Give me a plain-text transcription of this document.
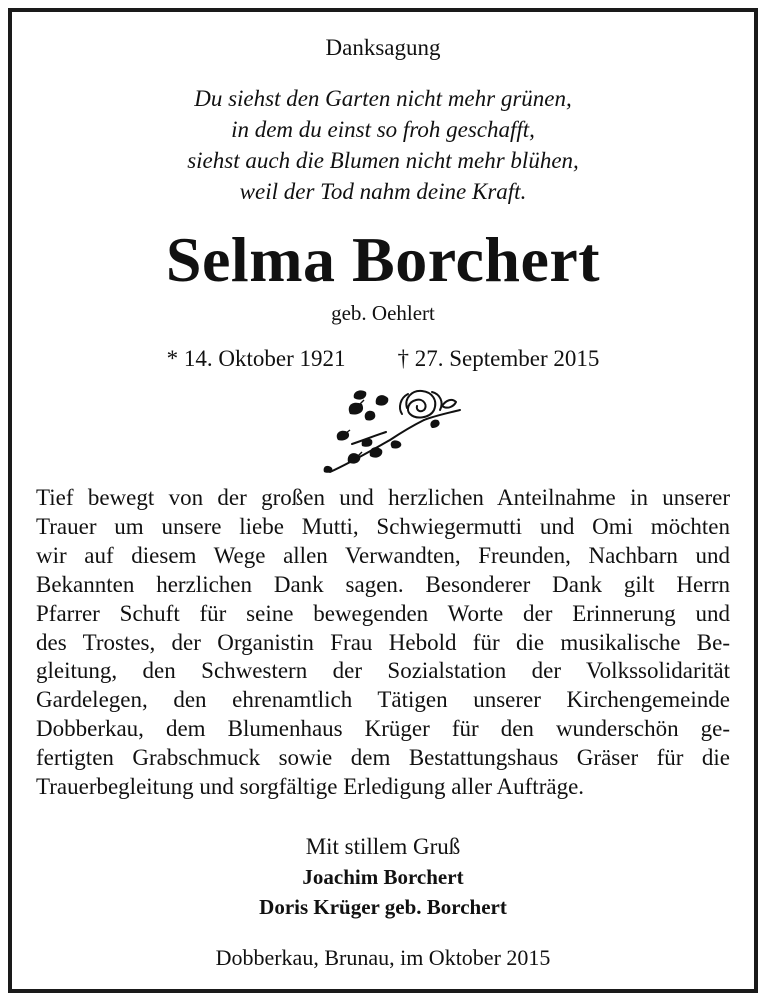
Danksagung
Du siehst den Garten nicht mehr grünen,
in dem du einst so froh geschafft,
siehst auch die Blumen nicht mehr blühen,
weil der Tod nahm deine Kraft.
Selma Borchert
geb. Oehlert
* 14. Oktober 1921 † 27. September 2015
Tief bewegt von der großen und herzlichen Anteilnahme in unserer
Trauer um unsere liebe Mutti, Schwiegermutti und Omi möchten
wir auf diesem Wege allen Verwandten, Freunden, Nachbarn und
Bekannten herzlichen Dank sagen. Besonderer Dank gilt Herrn
Pfarrer Schuft für seine bewegenden Worte der Erinnerung und
des Trostes, der Organistin Frau Hebold für die musikalische Be-
gleitung, den Schwestern der Sozialstation der Volkssolidarität
Gardelegen, den ehrenamtlich Tätigen unserer Kirchengemeinde
Dobberkau, dem Blumenhaus Krüger für den wunderschön ge-
fertigten Grabschmuck sowie dem Bestattungshaus Gräser für die
Trauerbegleitung und sorgfältige Erledigung aller Aufträge.
Mit stillem Gruß
Joachim Borchert
Doris Krüger geb. Borchert
Dobberkau, Brunau, im Oktober 2015
